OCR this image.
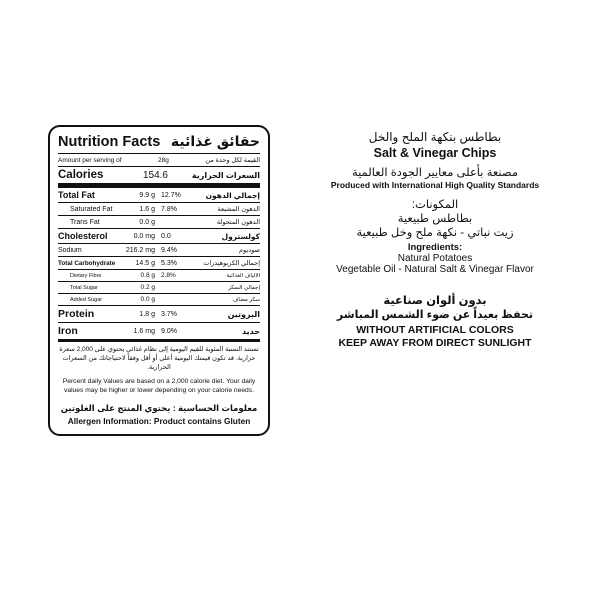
Nutrition Facts حقائق غذائية
Amount per serving of	28g	القيمة لكل وحدة من
Calories	154.6	السعرات الحرارية
Total Fat	9.9 g 12.7%	إجمالي الدهون
Saturated Fat	1.6 g 7.8%	الدهون المشبعة
Trans Fat	0.0 g	الدهون المتحولة
Cholesterol	0.0 mg 0.0	كولسترول
Sodium	216.2 mg 9.4%	صوديوم
Total Carbohydrate	14.5 g 5.3%	إجمالي الكربوهيدرات
Dietary Fibre	0.8 g 2.8%	الألياف الغذائية
Total Sugar	0.2 g	إجمالي السكر
Added Sugar	0.0 g	سكر مضاف
Protein	1.8 g 3.7%	البروتين
Iron	1.6 mg 9.0%	حديد
تستند النسبة المئوية للقيم اليومية إلى نظام غذائي يحتوي على 2,000 سعرة حرارية. قد تكون قيمتك اليومية أعلى أو أقل وفقاً لاحتياجاتك من السعرات الحرارية.
Percent daily Values are based on a 2,000 calorie diet. Your daily values may be higher or lower depending on your calorie needs.
معلومات الحساسية : يحتوي المنتج على الغلوتين
Allergen Information: Product contains Gluten
بطاطس بنكهة الملح والخل
Salt & Vinegar Chips
مصنعة بأعلى معايير الجودة العالمية
Produced with International High Quality Standards
المكونات:
بطاطس طبيعية
زيت نباتي - نكهة ملح وخل طبيعية
Ingredients:
Natural Potatoes
Vegetable Oil - Natural Salt & Vinegar Flavor
بدون ألوان صناعية
تحفظ بعيداً عن ضوء الشمس المباشر
WITHOUT ARTIFICIAL COLORS
KEEP AWAY FROM DIRECT SUNLIGHT
